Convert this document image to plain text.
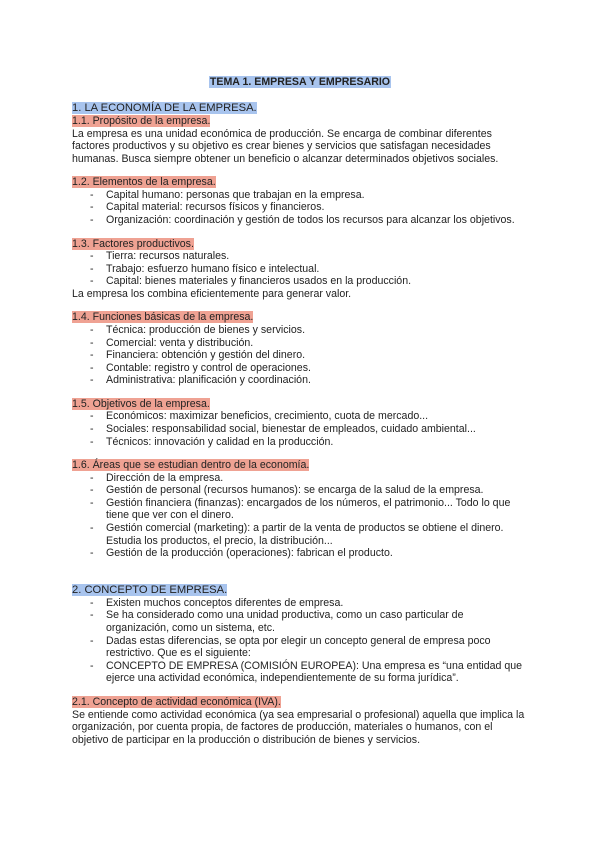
TEMA 1. EMPRESA Y EMPRESARIO
1. LA ECONOMÍA DE LA EMPRESA.
1.1. Propósito de la empresa.

La empresa es una unidad económica de producción. Se encarga de combinar diferentes factores productivos y su objetivo es crear bienes y servicios que satisfagan necesidades humanas. Busca siempre obtener un beneficio o alcanzar determinados objetivos sociales.

1.2. Elementos de la empresa.
- Capital humano: personas que trabajan en la empresa.
- Capital material: recursos físicos y financieros.
- Organización: coordinación y gestión de todos los recursos para alcanzar los objetivos.
1.3. Factores productivos.
- Tierra: recursos naturales.
- Trabajo: esfuerzo humano físico e intelectual.
- Capital: bienes materiales y financieros usados en la producción.

La empresa los combina eficientemente para generar valor.

1.4. Funciones básicas de la empresa.
- Técnica: producción de bienes y servicios.
- Comercial: venta y distribución.
- Financiera: obtención y gestión del dinero.
- Contable: registro y control de operaciones.
- Administrativa: planificación y coordinación.
1.5. Objetivos de la empresa.
- Económicos: maximizar beneficios, crecimiento, cuota de mercado...
- Sociales: responsabilidad social, bienestar de empleados, cuidado ambiental...
- Técnicos: innovación y calidad en la producción.
1.6. Áreas que se estudian dentro de la economía.
- Dirección de la empresa.
- Gestión de personal (recursos humanos): se encarga de la salud de la empresa.
- Gestión financiera (finanzas): encargados de los números, el patrimonio... Todo lo que tiene que ver con el dinero.
- Gestión comercial (marketing): a partir de la venta de productos se obtiene el dinero. Estudia los productos, el precio, la distribución...
- Gestión de la producción (operaciones): fabrican el producto.
2. CONCEPTO DE EMPRESA.
- Existen muchos conceptos diferentes de empresa.
- Se ha considerado como una unidad productiva, como un caso particular de organización, como un sistema, etc.
- Dadas estas diferencias, se opta por elegir un concepto general de empresa poco restrictivo. Que es el siguiente:
- CONCEPTO DE EMPRESA (COMISIÓN EUROPEA): Una empresa es “una entidad que ejerce una actividad económica, independientemente de su forma jurídica”.
2.1. Concepto de actividad económica (IVA).

Se entiende como actividad económica (ya sea empresarial o profesional) aquella que implica la organización, por cuenta propia, de factores de producción, materiales o humanos, con el objetivo de participar en la producción o distribución de bienes y servicios.
